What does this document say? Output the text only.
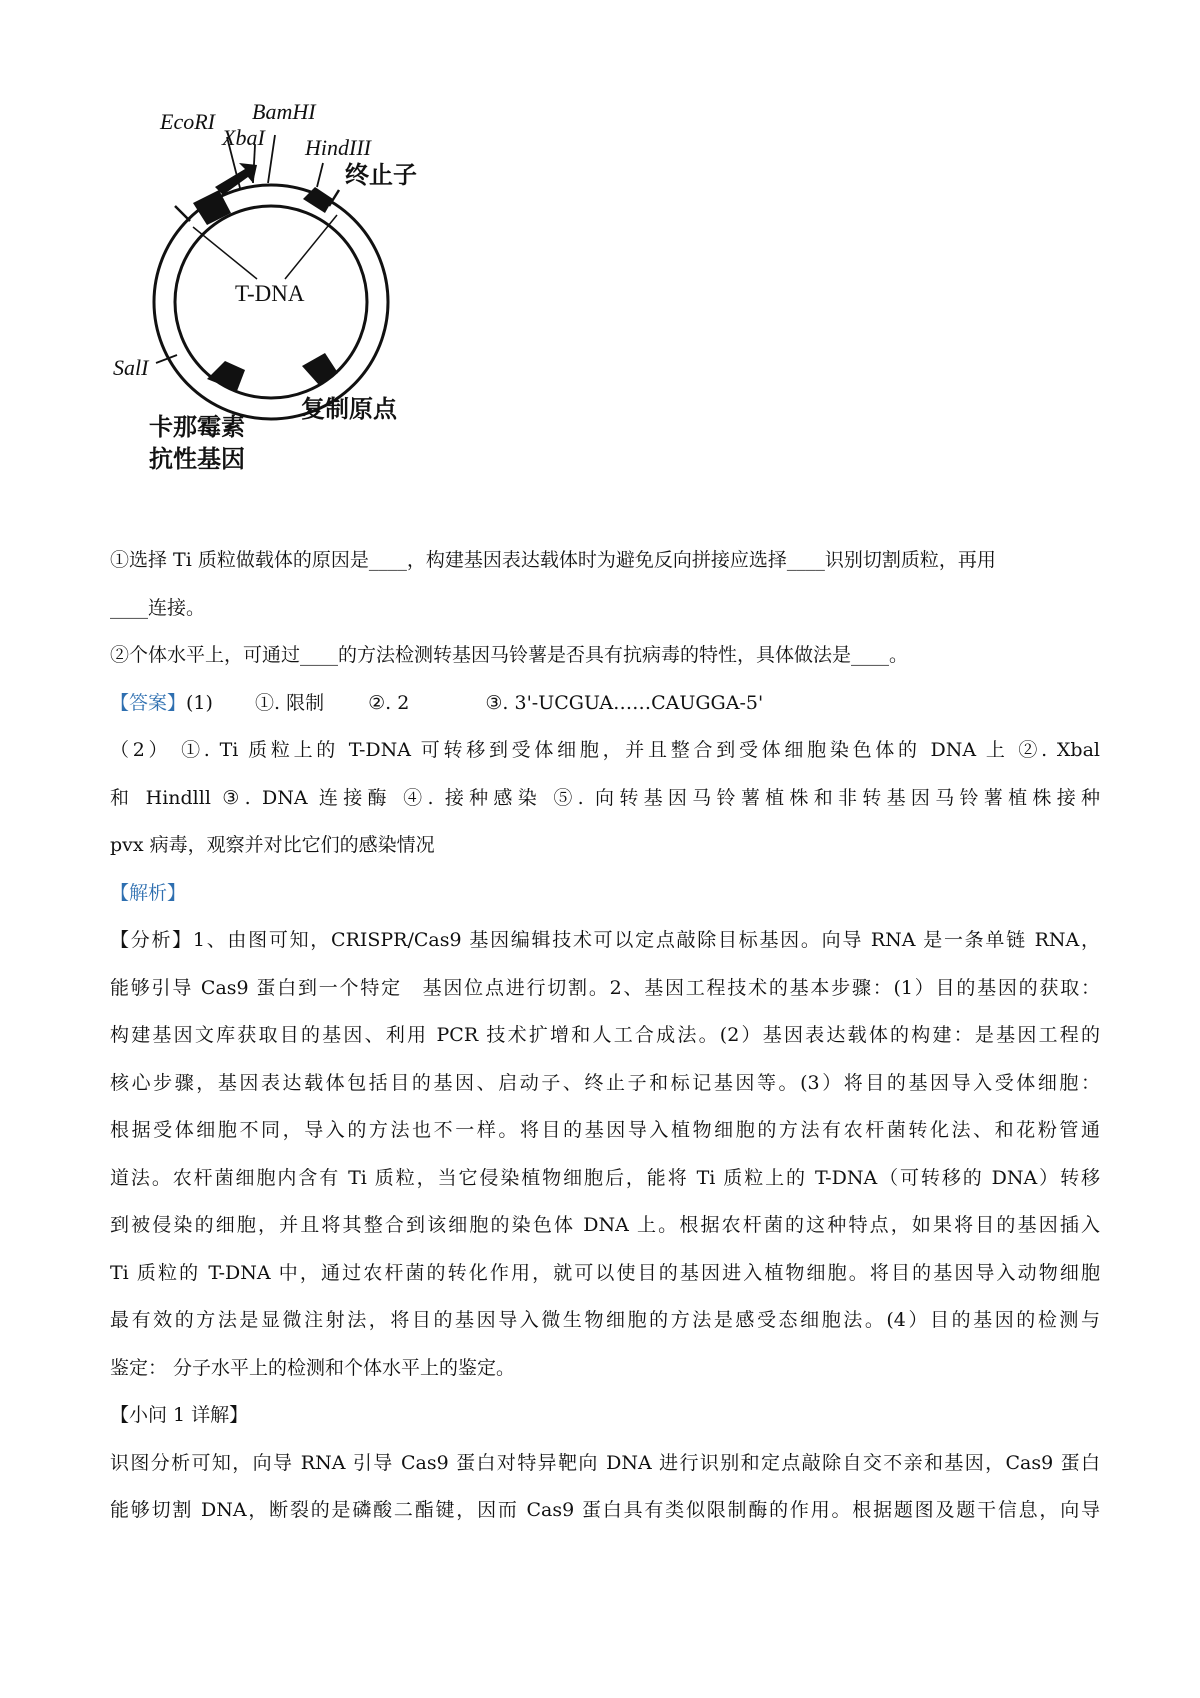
EcoRI BamHI
XbaI HindIII
终止子
T-DNA
SalI
卡那霉素
抗性基因
复制原点

①选择 Ti 质粒做载体的原因是____，构建基因表达载体时为避免反向拼接应选择____识别切割质粒，再用

____连接。

②个体水平上，可通过____的方法检测转基因马铃薯是否具有抗病毒的特性，具体做法是____。

【答案】(1) ①. 限制 ②. 2	③. 3'-UCGUA……CAUGGA-5'

（2） ①. Ti 质粒上的 T-DNA 可转移到受体细胞，并且整合到受体细胞染色体的 DNA 上 ②. Xbal

和 Hindlll ③. DNA 连接酶 ④. 接种感染 ⑤. 向转基因马铃薯植株和非转基因马铃薯植株接种

pvx 病毒，观察并对比它们的感染情况

【解析】

【分析】1、由图可知，CRISPR/Cas9 基因编辑技术可以定点敲除目标基因。向导 RNA 是一条单链 RNA，

能够引导 Cas9 蛋白到一个特定　基因位点进行切割。2、基因工程技术的基本步骤：(1）目的基因的获取：

构建基因文库获取目的基因、利用 PCR 技术扩增和人工合成法。(2）基因表达载体的构建：是基因工程的

核心步骤，基因表达载体包括目的基因、启动子、终止子和标记基因等。(3）将目的基因导入受体细胞：

根据受体细胞不同，导入的方法也不一样。将目的基因导入植物细胞的方法有农杆菌转化法、和花粉管通

道法。农杆菌细胞内含有 Ti 质粒，当它侵染植物细胞后，能将 Ti 质粒上的 T-DNA（可转移的 DNA）转移

到被侵染的细胞，并且将其整合到该细胞的染色体 DNA 上。根据农杆菌的这种特点，如果将目的基因插入

Ti 质粒的 T-DNA 中，通过农杆菌的转化作用，就可以使目的基因进入植物细胞。将目的基因导入动物细胞

最有效的方法是显微注射法，将目的基因导入微生物细胞的方法是感受态细胞法。(4）目的基因的检测与

鉴定： 分子水平上的检测和个体水平上的鉴定。

【小问 1 详解】

识图分析可知，向导 RNA 引导 Cas9 蛋白对特异靶向 DNA 进行识别和定点敲除自交不亲和基因，Cas9 蛋白

能够切割 DNA，断裂的是磷酸二酯键，因而 Cas9 蛋白具有类似限制酶的作用。根据题图及题干信息，向导
